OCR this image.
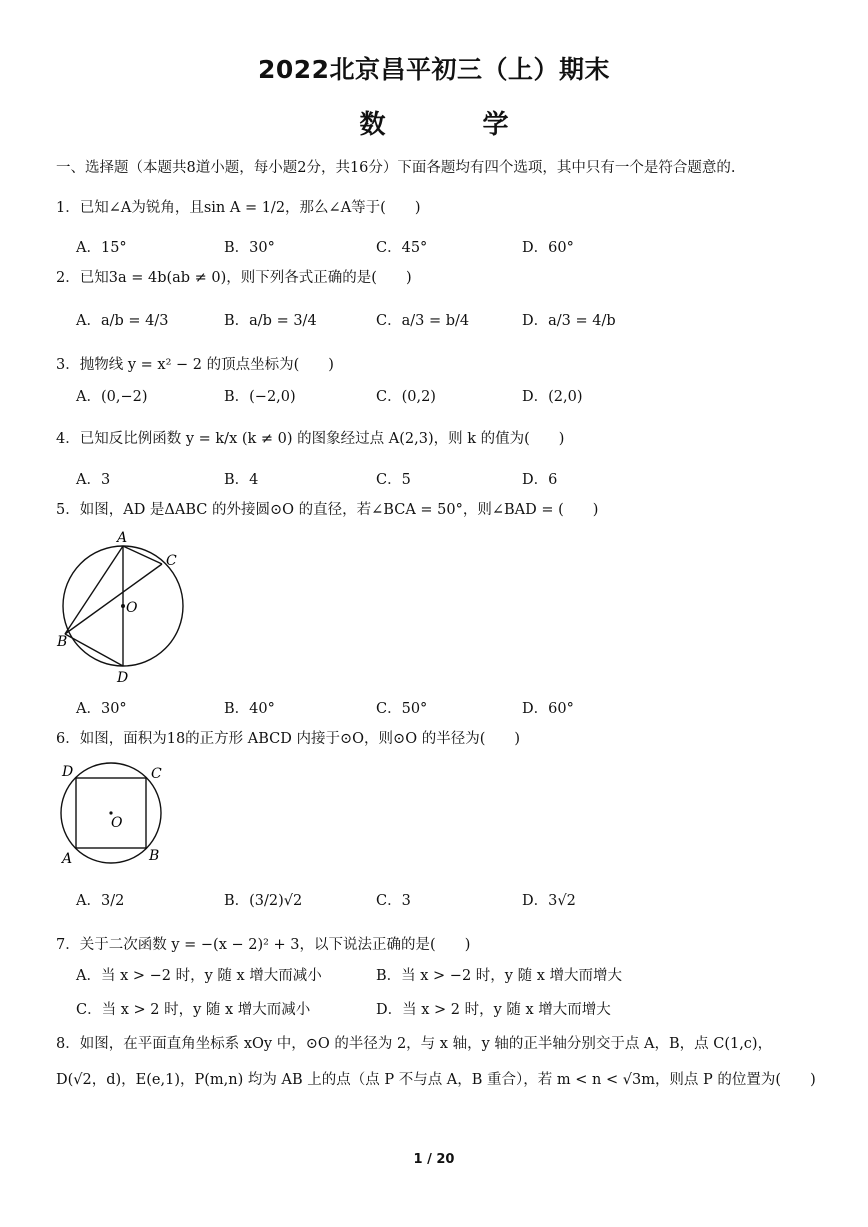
2022北京昌平初三（上）期末
数 学
一、选择题（本题共8道小题，每小题2分，共16分）下面各题均有四个选项，其中只有一个是符合题意的.
1．已知∠A为锐角，且sin A = 1/2，那么∠A等于(　　)
A．15°	B．30°	C．45°	D．60°
2．已知3a = 4b(ab ≠ 0)，则下列各式正确的是(　　)
A．a/b = 4/3	B．a/b = 3/4	C．a/3 = b/4	D．a/3 = 4/b
3．抛物线 y = x² − 2 的顶点坐标为(　　)
A．(0,−2)	B．(−2,0)	C．(0,2)	D．(2,0)
4．已知反比例函数 y = k/x (k ≠ 0) 的图象经过点 A(2,3)，则 k 的值为(　　)
A．3	B．4	C．5	D．6
5．如图，AD 是ΔABC 的外接圆⊙O 的直径，若∠BCA = 50°，则∠BAD = (　　)
A
C
O
B
D
A．30°	B．40°	C．50°	D．60°
6．如图，面积为18的正方形 ABCD 内接于⊙O，则⊙O 的半径为(　　)
D	C
O
A	B
A．3/2	B．(3/2)√2	C．3	D．3√2
7．关于二次函数 y = −(x − 2)² + 3，以下说法正确的是(　　)
A．当 x > −2 时，y 随 x 增大而减小	B．当 x > −2 时，y 随 x 增大而增大
C．当 x > 2 时，y 随 x 增大而减小	D．当 x > 2 时，y 随 x 增大而增大
8．如图，在平面直角坐标系 xOy 中，⊙O 的半径为 2，与 x 轴，y 轴的正半轴分别交于点 A，B，点 C(1,c)，
D(√2，d)，E(e,1)，P(m,n) 均为 AB 上的点（点 P 不与点 A，B 重合），若 m < n < √3m，则点 P 的位置为(　　)
1 / 20
